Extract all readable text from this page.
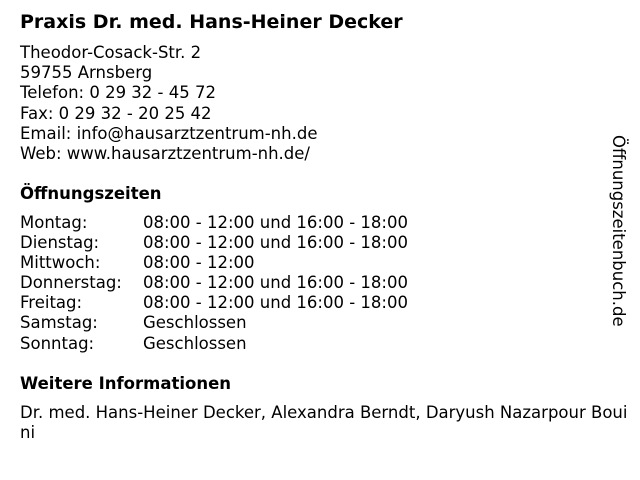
Praxis Dr. med. Hans-Heiner Decker
Theodor-Cosack-Str. 2
59755 Arnsberg
Telefon: 0 29 32 - 45 72
Fax: 0 29 32 - 20 25 42
Email: info@hausarztzentrum-nh.de
Web: www.hausarztzentrum-nh.de/
Öffnungszeiten
Montag:	08:00 - 12:00 und 16:00 - 18:00
Dienstag:	08:00 - 12:00 und 16:00 - 18:00
Mittwoch:	08:00 - 12:00
Donnerstag:	08:00 - 12:00 und 16:00 - 18:00
Freitag:	08:00 - 12:00 und 16:00 - 18:00
Samstag:	Geschlossen
Sonntag:	Geschlossen
Weitere Informationen
Dr. med. Hans-Heiner Decker, Alexandra Berndt, Daryush Nazarpour Bouini
Öffnungszeitenbuch.de
